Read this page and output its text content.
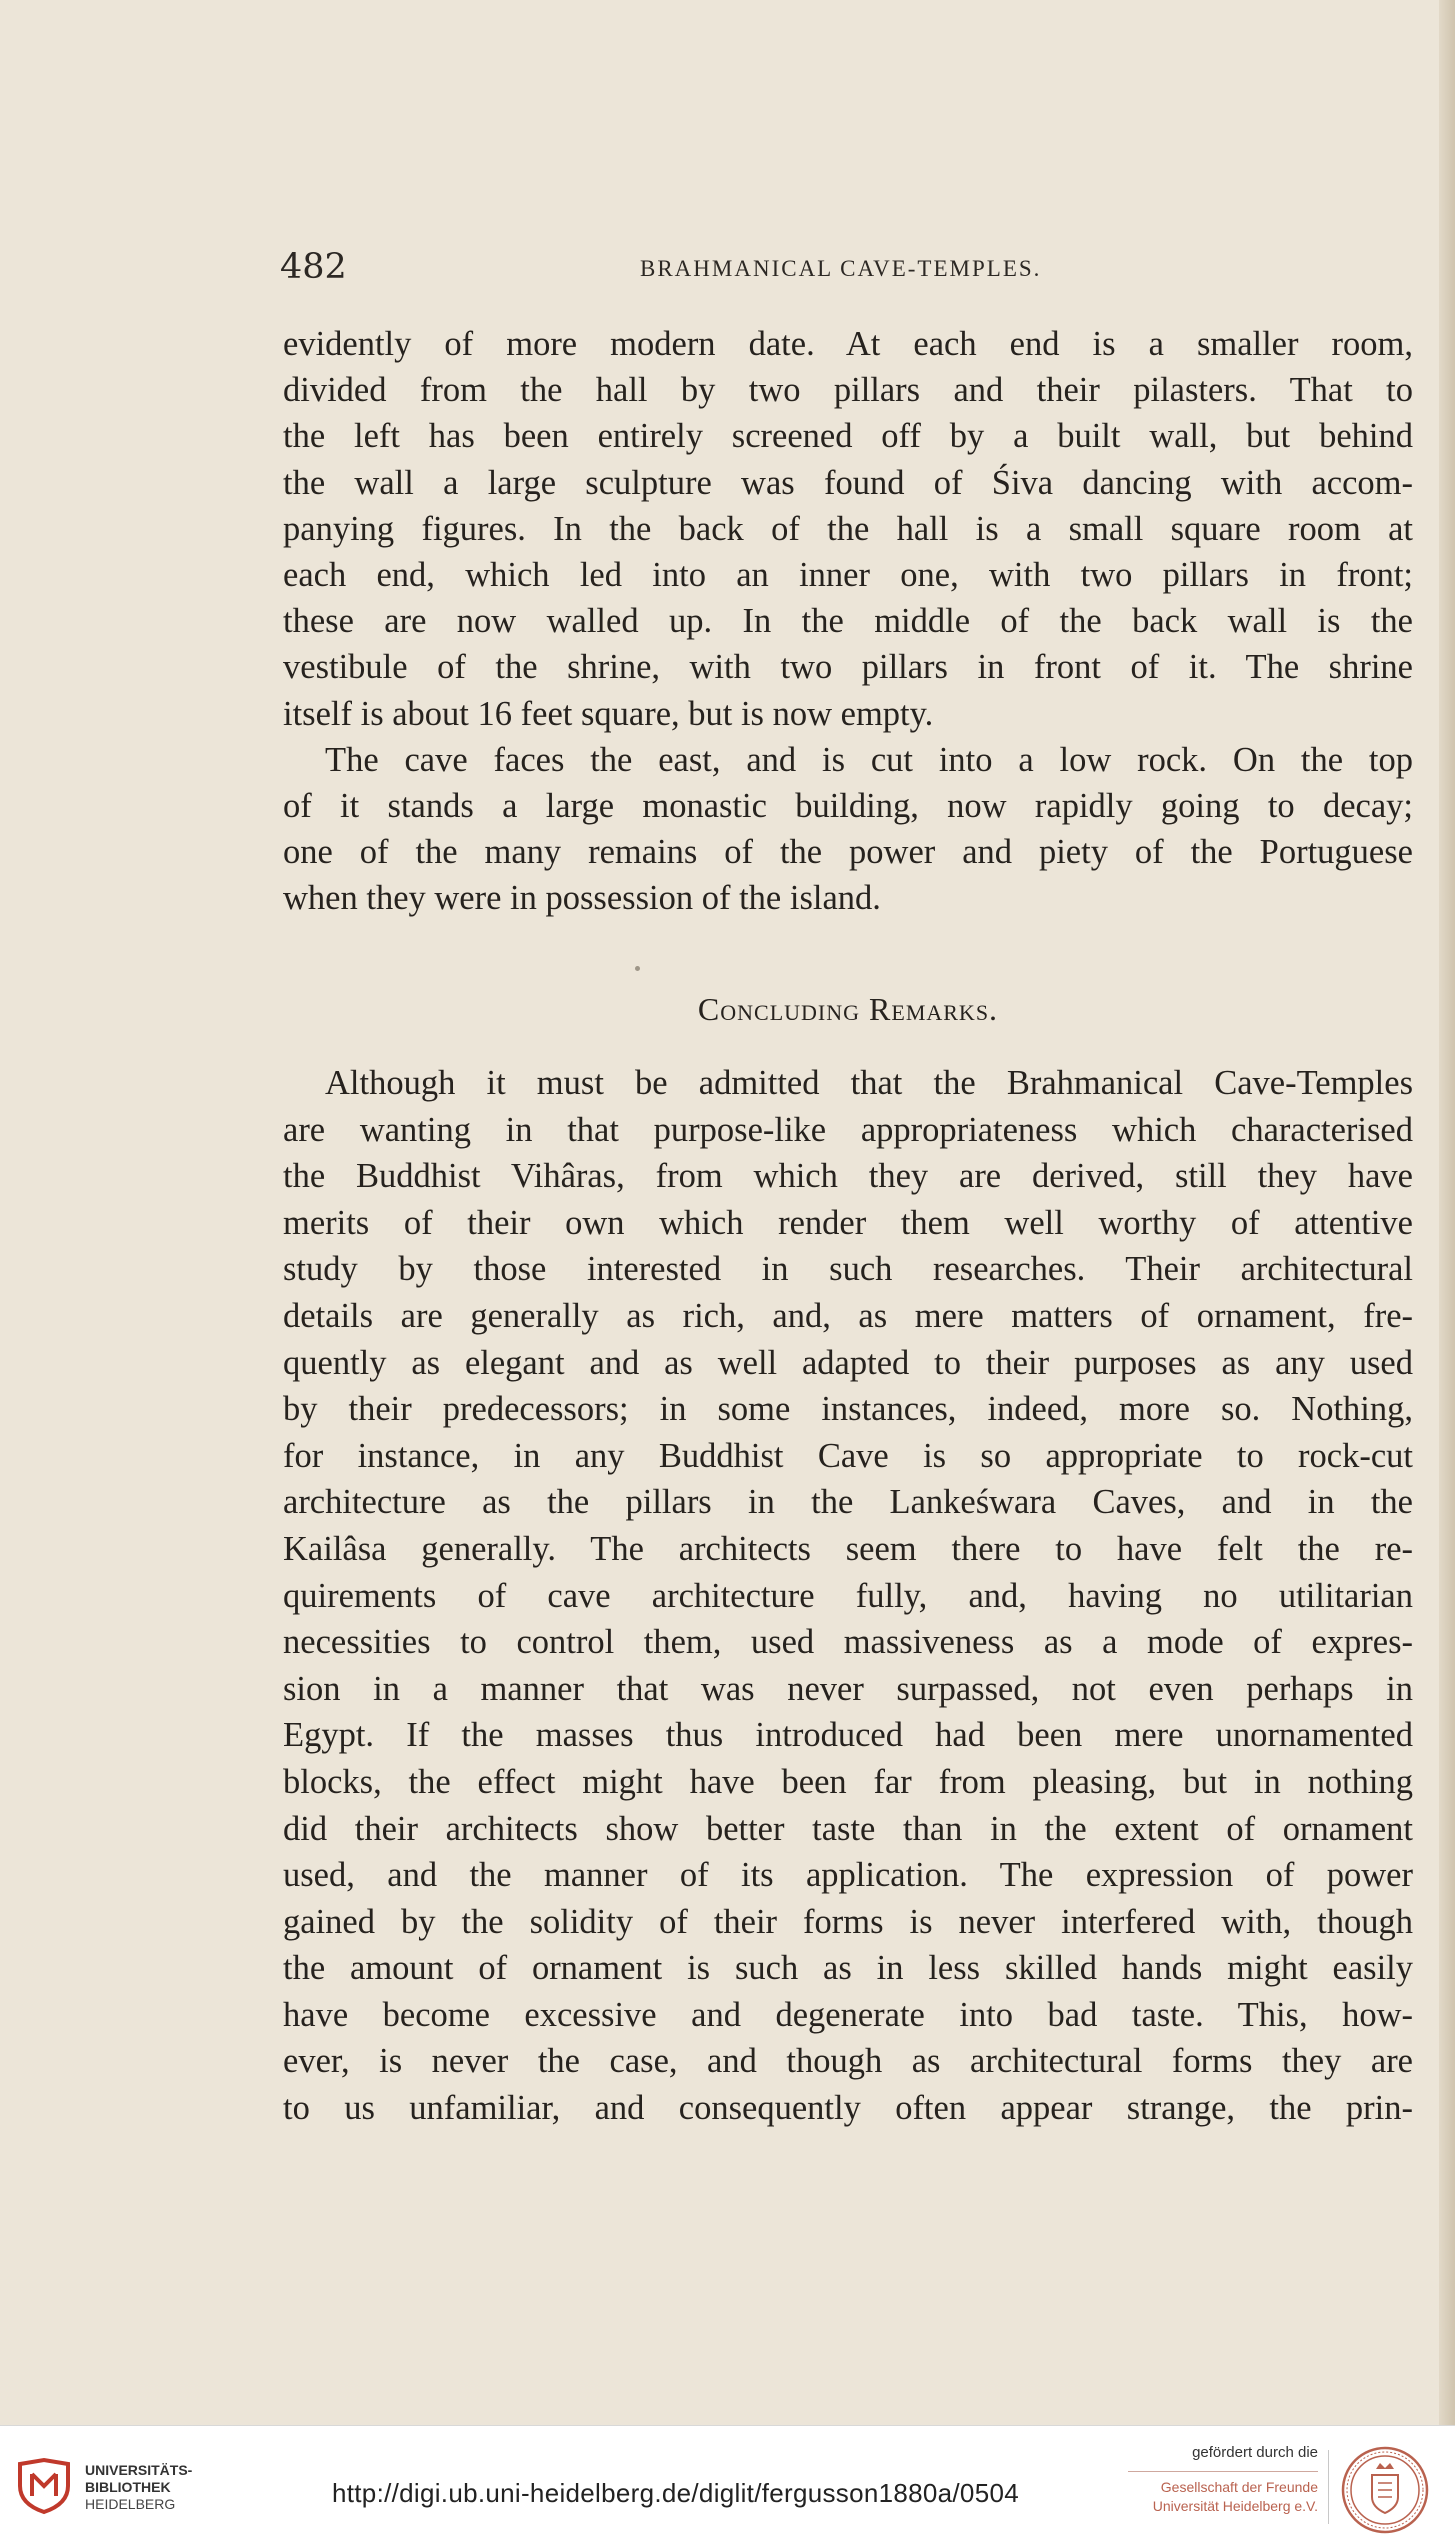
482	BRAHMANICAL CAVE-TEMPLES.

evidently of more modern date. At each end is a smaller room,

divided from the hall by two pillars and their pilasters. That to

the left has been entirely screened off by a built wall, but behind

the wall a large sculpture was found of Śiva dancing with accom-

panying figures. In the back of the hall is a small square room at

each end, which led into an inner one, with two pillars in front;

these are now walled up. In the middle of the back wall is the

vestibule of the shrine, with two pillars in front of it. The shrine

itself is about 16 feet square, but is now empty.

The cave faces the east, and is cut into a low rock. On the top

of it stands a large monastic building, now rapidly going to decay;

one of the many remains of the power and piety of the Portuguese

when they were in possession of the island.

Concluding Remarks.

Although it must be admitted that the Brahmanical Cave-Temples

are wanting in that purpose-like appropriateness which characterised

the Buddhist Vihâras, from which they are derived, still they have

merits of their own which render them well worthy of attentive

study by those interested in such researches. Their architectural

details are generally as rich, and, as mere matters of ornament, fre-

quently as elegant and as well adapted to their purposes as any used

by their predecessors; in some instances, indeed, more so. Nothing,

for instance, in any Buddhist Cave is so appropriate to rock-cut

architecture as the pillars in the Lankeśwara Caves, and in the

Kailâsa generally. The architects seem there to have felt the re-

quirements of cave architecture fully, and, having no utilitarian

necessities to control them, used massiveness as a mode of expres-

sion in a manner that was never surpassed, not even perhaps in

Egypt. If the masses thus introduced had been mere unornamented

blocks, the effect might have been far from pleasing, but in nothing

did their architects show better taste than in the extent of ornament

used, and the manner of its application. The expression of power

gained by the solidity of their forms is never interfered with, though

the amount of ornament is such as in less skilled hands might easily

have become excessive and degenerate into bad taste. This, how-

ever, is never the case, and though as architectural forms they are

to us unfamiliar, and consequently often appear strange, the prin-

UNIVERSITÄTS-
BIBLIOTHEK
HEIDELBERG	http://digi.ub.uni-heidelberg.de/diglit/fergusson1880a/0504
gefördert durch die
Gesellschaft der Freunde
Universität Heidelberg e.V.
